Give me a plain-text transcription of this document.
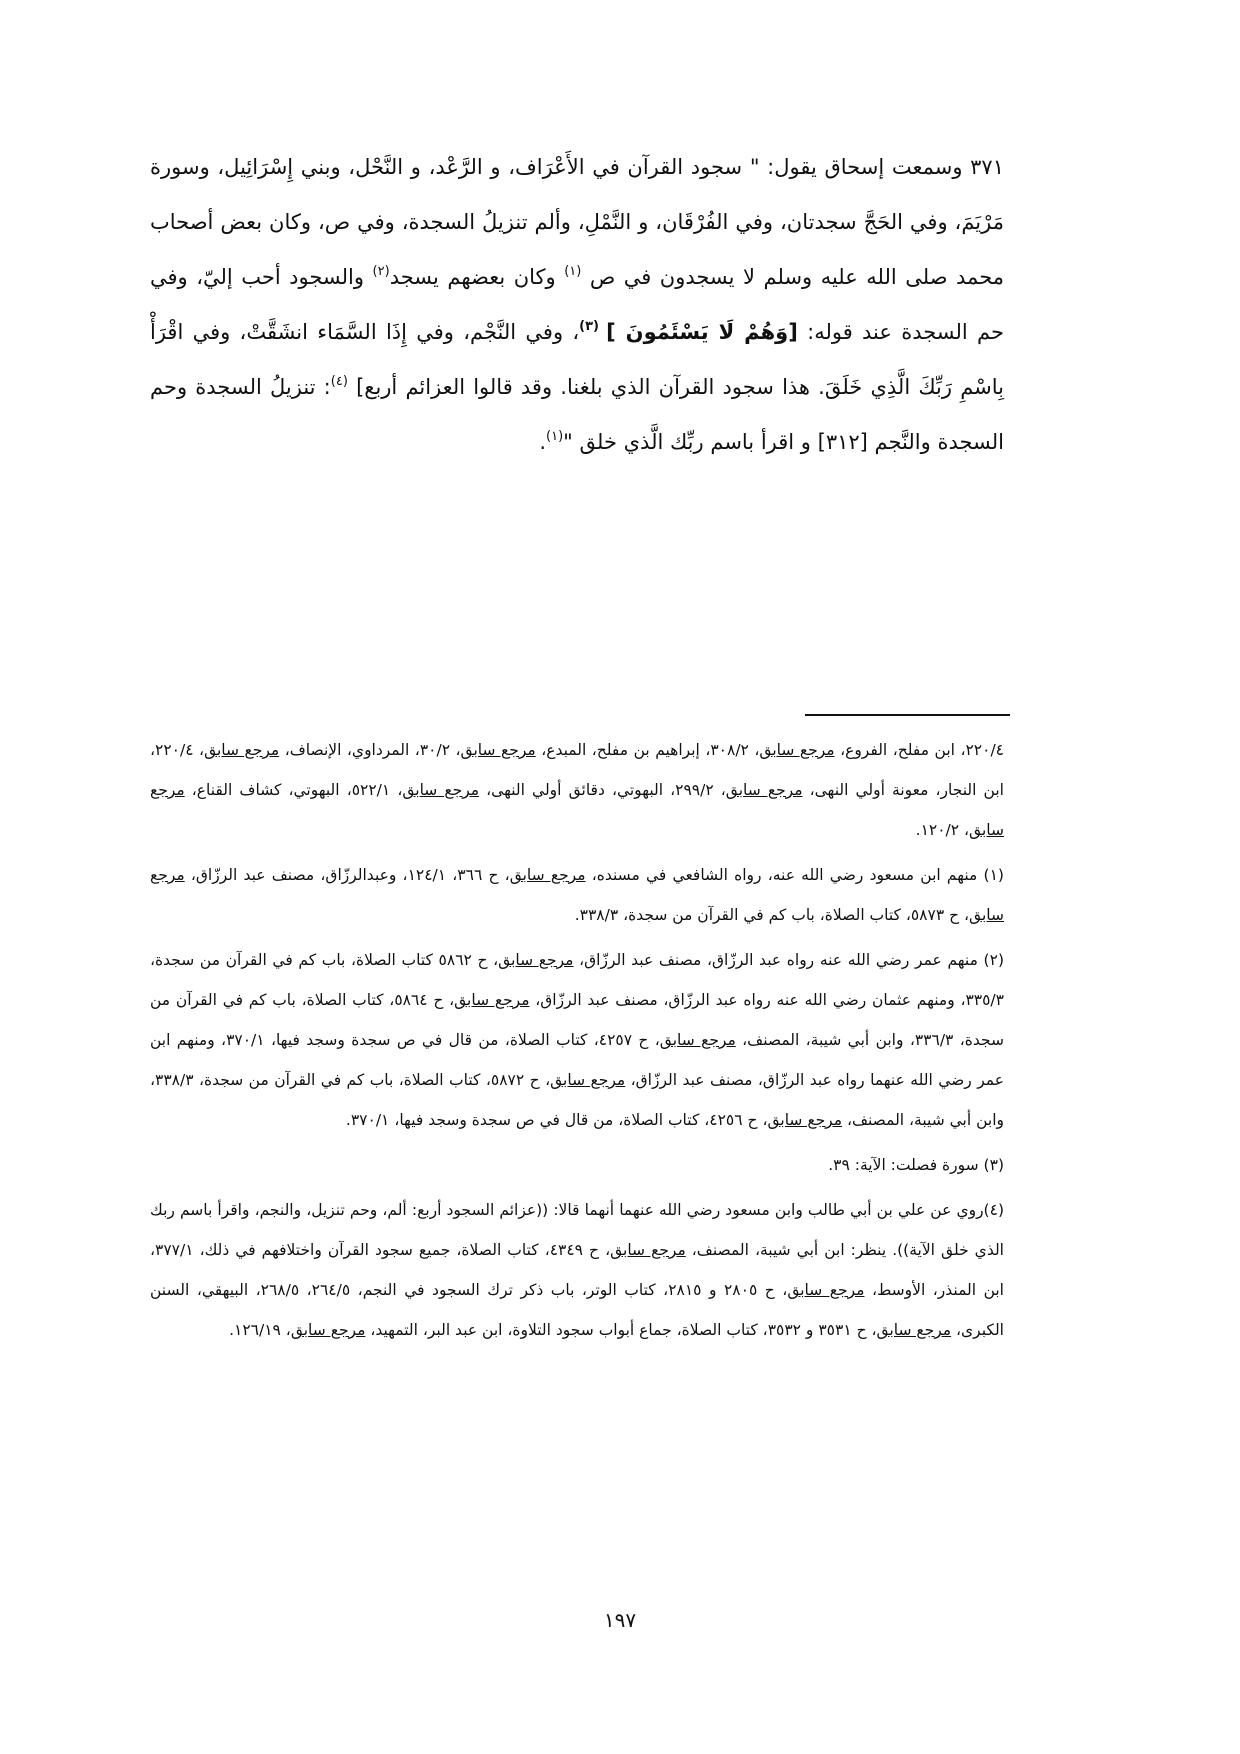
٣٧١ وسمعت إسحاق يقول: " سجود القرآن في الأَعْرَاف، و الرَّعْد، و النَّحْل، وبني إِسْرَائِيل، وسورة مَرْيَمَ، وفي الحَجَّ سجدتان، وفي الفُرْقَان، و النَّمْلِ، وألم تنزيلُ السجدة، وفي ص، وكان بعض أصحاب محمد صلى الله عليه وسلم لا يسجدون في ص $^{(١)}$ وكان بعضهم يسجد$^{(٢)}$ والسجود أحب إليّ، وفي حم السجدة عند قوله: [وَهُمْ لَا يَسْئَمُونَ ] $^{(٣)}$، وفي النَّجْم، وفي إِذَا السَّمَاء انشَقَّتْ، وفي اقْرَأْ بِاسْمِ رَبِّكَ الَّذِي خَلَقَ. هذا سجود القرآن الذي بلغنا. وقد قالوا العزائم أربع] $^{(٤)}$: تنزيلُ السجدة وحم السجدة والنَّجم [٣١٢] و اقرأ باسم ربِّك الَّذي خلق "$^{(١)}$.

٢٢٠/٤، ابن مفلح، الفروع، مرجع سابق، ٣٠٨/٢، إبراهيم بن مفلح، المبدع، مرجع سابق، ٣٠/٢، المرداوي، الإنصاف، مرجع سابق، ٢٢٠/٤، ابن النجار، معونة أولي النهى، مرجع سابق، ٢٩٩/٢، البهوتي، دقائق أولي النهى، مرجع سابق، ٥٢٢/١، البهوتي، كشاف القناع، مرجع سابق، ١٢٠/٢.

(١) منهم ابن مسعود رضي الله عنه، رواه الشافعي في مسنده، مرجع سابق، ح ٣٦٦، ١٢٤/١، وعبدالرزّاق، مصنف عبد الرزّاق، مرجع سابق، ح ٥٨٧٣، كتاب الصلاة، باب كم في القرآن من سجدة، ٣٣٨/٣.

(٢) منهم عمر رضي الله عنه رواه عبد الرزّاق، مصنف عبد الرزّاق، مرجع سابق، ح ٥٨٦٢ كتاب الصلاة، باب كم في القرآن من سجدة، ٣٣٥/٣، ومنهم عثمان رضي الله عنه رواه عبد الرزّاق، مصنف عبد الرزّاق، مرجع سابق، ح ٥٨٦٤، كتاب الصلاة، باب كم في القرآن من سجدة، ٣٣٦/٣، وابن أبي شيبة، المصنف، مرجع سابق، ح ٤٢٥٧، كتاب الصلاة، من قال في ص سجدة وسجد فيها، ٣٧٠/١، ومنهم ابن عمر رضي الله عنهما رواه عبد الرزّاق، مصنف عبد الرزّاق، مرجع سابق، ح ٥٨٧٢، كتاب الصلاة، باب كم في القرآن من سجدة، ٣٣٨/٣، وابن أبي شيبة، المصنف، مرجع سابق، ح ٤٢٥٦، كتاب الصلاة، من قال في ص سجدة وسجد فيها، ٣٧٠/١.

(٣) سورة فصلت: الآية: ٣٩.

(٤)روي عن علي بن أبي طالب وابن مسعود رضي الله عنهما أنهما قالا: ((عزائم السجود أربع: ألم، وحم تنزيل، والنجم، واقرأ باسم ربك الذي خلق الآية)). ينظر: ابن أبي شيبة، المصنف، مرجع سابق، ح ٤٣٤٩، كتاب الصلاة، جميع سجود القرآن واختلافهم في ذلك، ٣٧٧/١، ابن المنذر، الأوسط، مرجع سابق، ح ٢٨٠٥ و ٢٨١٥، كتاب الوتر، باب ذكر ترك السجود في النجم، ٢٦٤/٥، ٢٦٨/٥، البيهقي، السنن الكبرى، مرجع سابق، ح ٣٥٣١ و ٣٥٣٢، كتاب الصلاة، جماع أبواب سجود التلاوة، ابن عبد البر، التمهيد، مرجع سابق، ١٢٦/١٩.

١٩٧
